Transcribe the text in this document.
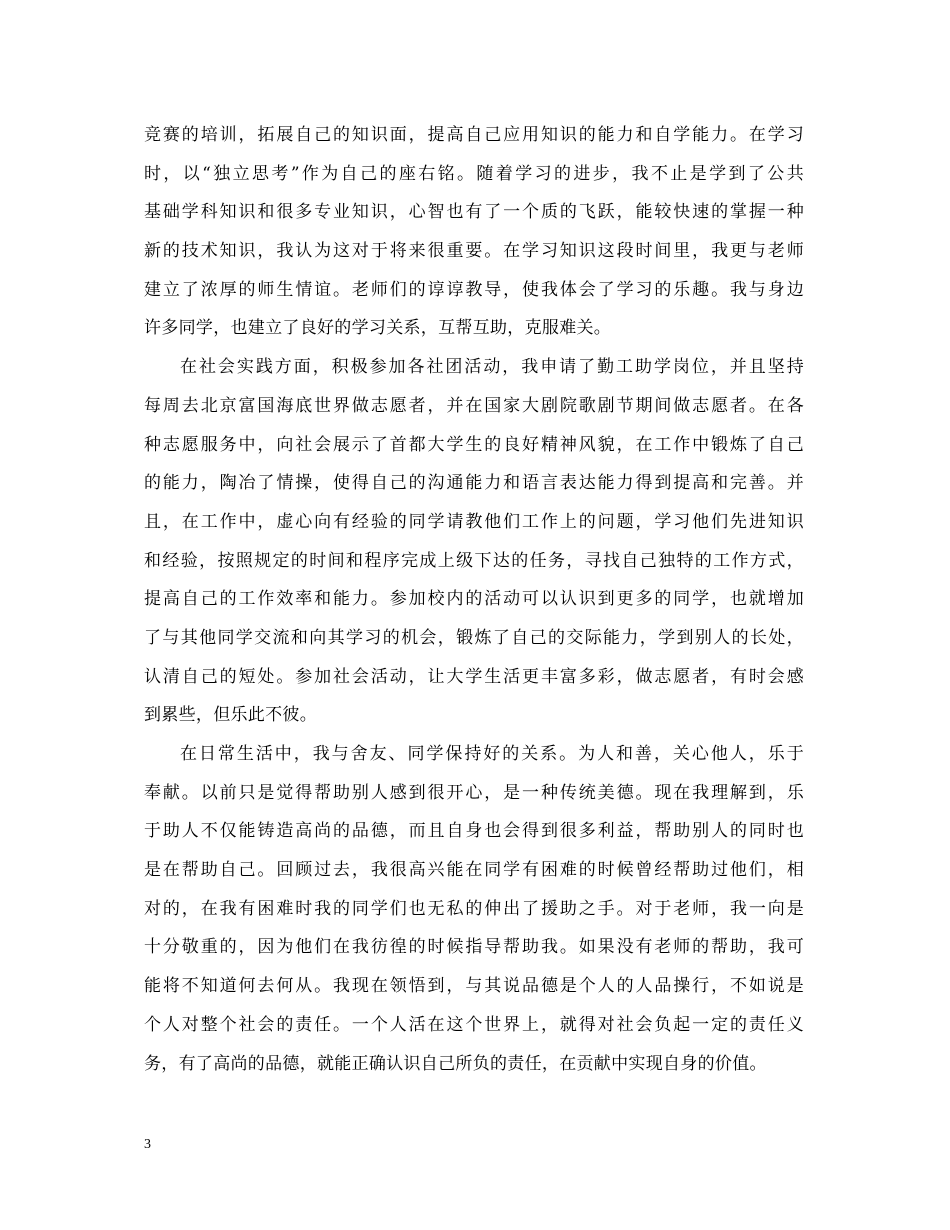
竞赛的培训，拓展自己的知识面，提高自己应用知识的能力和自学能力。在学习
时，以“独立思考”作为自己的座右铭。随着学习的进步，我不止是学到了公共
基础学科知识和很多专业知识，心智也有了一个质的飞跃，能较快速的掌握一种
新的技术知识，我认为这对于将来很重要。在学习知识这段时间里，我更与老师
建立了浓厚的师生情谊。老师们的谆谆教导，使我体会了学习的乐趣。我与身边
许多同学，也建立了良好的学习关系，互帮互助，克服难关。
在社会实践方面，积极参加各社团活动，我申请了勤工助学岗位，并且坚持
每周去北京富国海底世界做志愿者，并在国家大剧院歌剧节期间做志愿者。在各
种志愿服务中，向社会展示了首都大学生的良好精神风貌，在工作中锻炼了自己
的能力，陶冶了情操，使得自己的沟通能力和语言表达能力得到提高和完善。并
且，在工作中，虚心向有经验的同学请教他们工作上的问题，学习他们先进知识
和经验，按照规定的时间和程序完成上级下达的任务，寻找自己独特的工作方式，
提高自己的工作效率和能力。参加校内的活动可以认识到更多的同学，也就增加
了与其他同学交流和向其学习的机会，锻炼了自己的交际能力，学到别人的长处，
认清自己的短处。参加社会活动，让大学生活更丰富多彩，做志愿者，有时会感
到累些，但乐此不彼。
在日常生活中，我与舍友、同学保持好的关系。为人和善，关心他人，乐于
奉献。以前只是觉得帮助别人感到很开心，是一种传统美德。现在我理解到，乐
于助人不仅能铸造高尚的品德，而且自身也会得到很多利益，帮助别人的同时也
是在帮助自己。回顾过去，我很高兴能在同学有困难的时候曾经帮助过他们，相
对的，在我有困难时我的同学们也无私的伸出了援助之手。对于老师，我一向是
十分敬重的，因为他们在我彷徨的时候指导帮助我。如果没有老师的帮助，我可
能将不知道何去何从。我现在领悟到，与其说品德是个人的人品操行，不如说是
个人对整个社会的责任。一个人活在这个世界上，就得对社会负起一定的责任义
务，有了高尚的品德，就能正确认识自己所负的责任，在贡献中实现自身的价值。
3
